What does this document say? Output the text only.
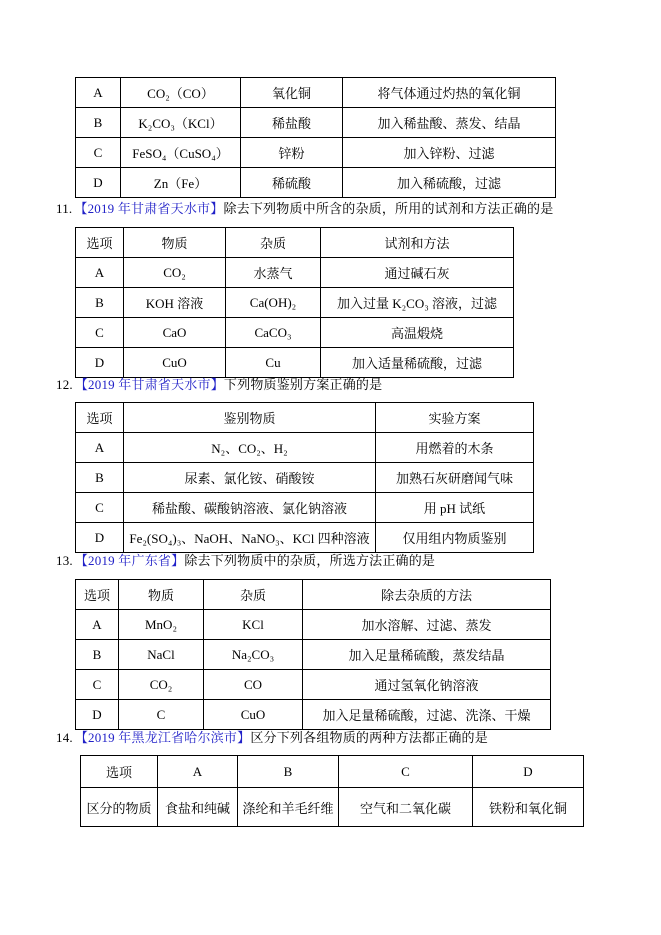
A	CO₂（CO）	氧化铜	将气体通过灼热的氧化铜
B	K₂CO₃（KCl）	稀盐酸	加入稀盐酸、蒸发、结晶
C	FeSO₄（CuSO₄）	锌粉	加入锌粉、过滤
D	Zn（Fe）	稀硫酸	加入稀硫酸，过滤
11. 【2019 年甘肃省天水市】除去下列物质中所含的杂质，所用的试剂和方法正确的是
选项	物质	杂质	试剂和方法
A	CO₂	水蒸气	通过碱石灰
B	KOH 溶液	Ca(OH)₂	加入过量 K₂CO₃ 溶液，过滤
C	CaO	CaCO₃	高温煅烧
D	CuO	Cu	加入适量稀硫酸，过滤
12. 【2019 年甘肃省天水市】下列物质鉴别方案正确的是
选项	鉴别物质	实验方案
A	N₂、CO₂、H₂	用燃着的木条
B	尿素、氯化铵、硝酸铵	加熟石灰研磨闻气味
C	稀盐酸、碳酸钠溶液、氯化钠溶液	用 pH 试纸
D	Fe₂(SO₄)₃、NaOH、NaNO₃、KCl 四种溶液	仅用组内物质鉴别
13. 【2019 年广东省】除去下列物质中的杂质，所选方法正确的是
选项	物质	杂质	除去杂质的方法
A	MnO₂	KCl	加水溶解、过滤、蒸发
B	NaCl	Na₂CO₃	加入足量稀硫酸，蒸发结晶
C	CO₂	CO	通过氢氧化钠溶液
D	C	CuO	加入足量稀硫酸，过滤、洗涤、干燥
14. 【2019 年黑龙江省哈尔滨市】区分下列各组物质的两种方法都正确的是
选项	A	B	C	D
区分的物质	食盐和纯碱	涤纶和羊毛纤维	空气和二氧化碳	铁粉和氧化铜
